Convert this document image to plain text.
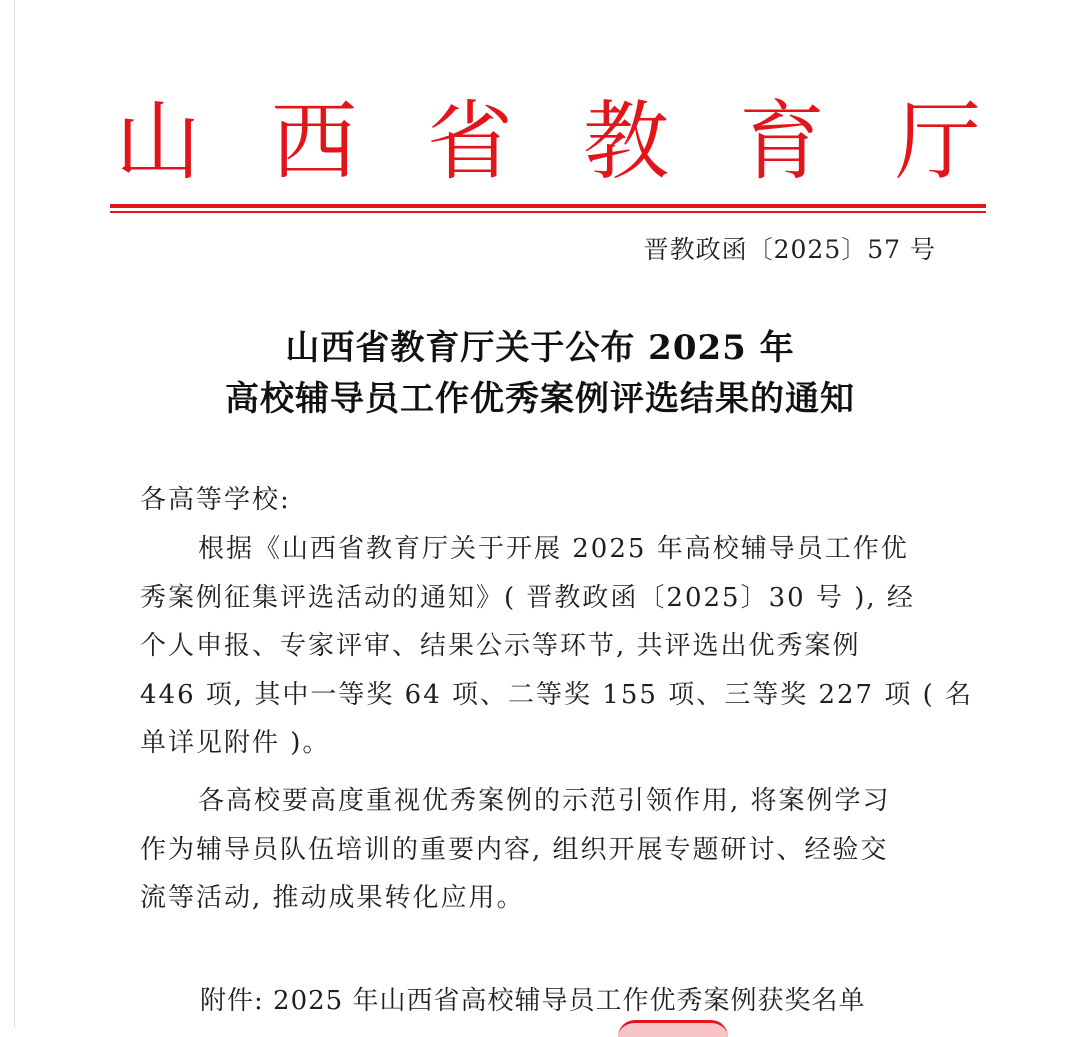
山 西 省 教 育 厅
晋教政函〔2025〕57 号
山西省教育厅关于公布 2025 年
高校辅导员工作优秀案例评选结果的通知
各高等学校:
根据《山西省教育厅关于开展 2025 年高校辅导员工作优
秀案例征集评选活动的通知》( 晋教政函〔2025〕30 号 ), 经
个人申报、专家评审、结果公示等环节, 共评选出优秀案例
446 项, 其中一等奖 64 项、二等奖 155 项、三等奖 227 项 ( 名
单详见附件 )。
各高校要高度重视优秀案例的示范引领作用, 将案例学习
作为辅导员队伍培训的重要内容, 组织开展专题研讨、经验交
流等活动, 推动成果转化应用。
附件: 2025 年山西省高校辅导员工作优秀案例获奖名单
